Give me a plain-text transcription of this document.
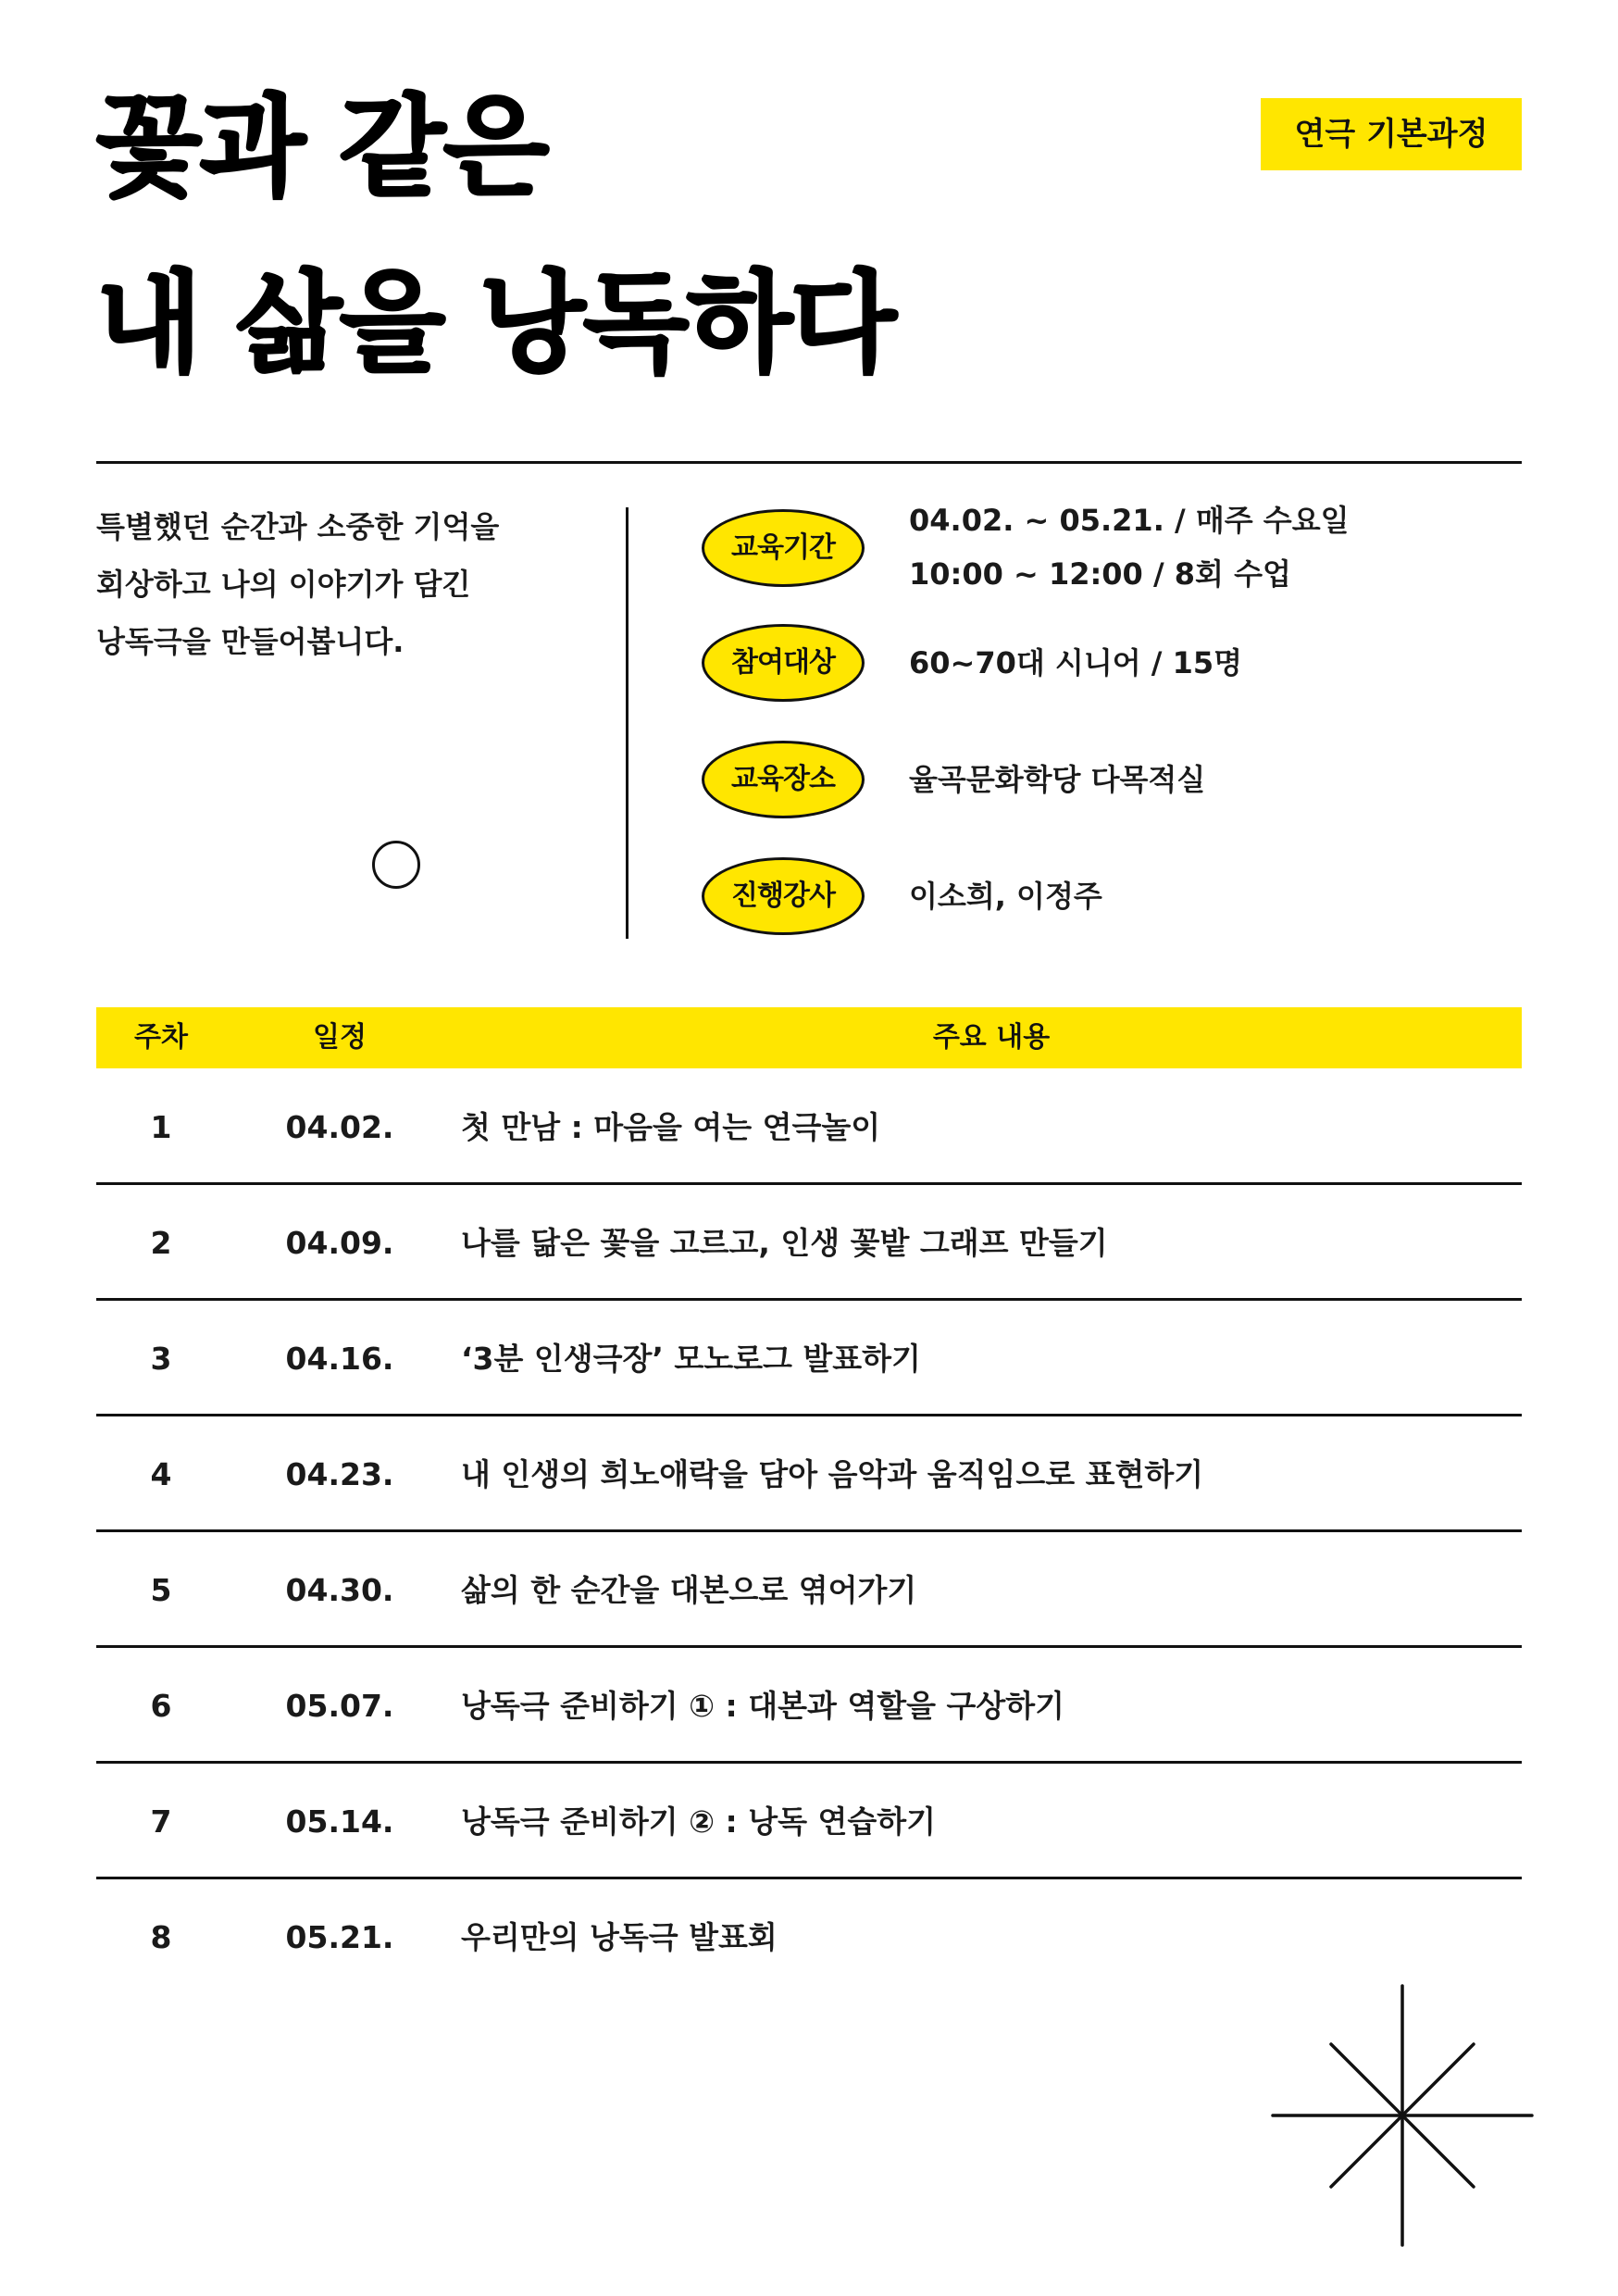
꽃과 같은
내 삶을 낭독하다
연극 기본과정
특별했던 순간과 소중한 기억을
회상하고 나의 이야기가 담긴
낭독극을 만들어봅니다.
교육기간
04.02. ~ 05.21. / 매주 수요일
10:00 ~ 12:00 / 8회 수업
참여대상	60~70대 시니어 / 15명
교육장소	율곡문화학당 다목적실
진행강사	이소희, 이정주
주차	일정	주요 내용
1	04.02.	첫 만남 : 마음을 여는 연극놀이
2	04.09.	나를 닮은 꽃을 고르고, 인생 꽃밭 그래프 만들기
3	04.16.	‘3분 인생극장’ 모노로그 발표하기
4	04.23.	내 인생의 희노애락을 담아 음악과 움직임으로 표현하기
5	04.30.	삶의 한 순간을 대본으로 엮어가기
6	05.07.	낭독극 준비하기 ① : 대본과 역할을 구상하기
7	05.14.	낭독극 준비하기 ② : 낭독 연습하기
8	05.21.	우리만의 낭독극 발표회
